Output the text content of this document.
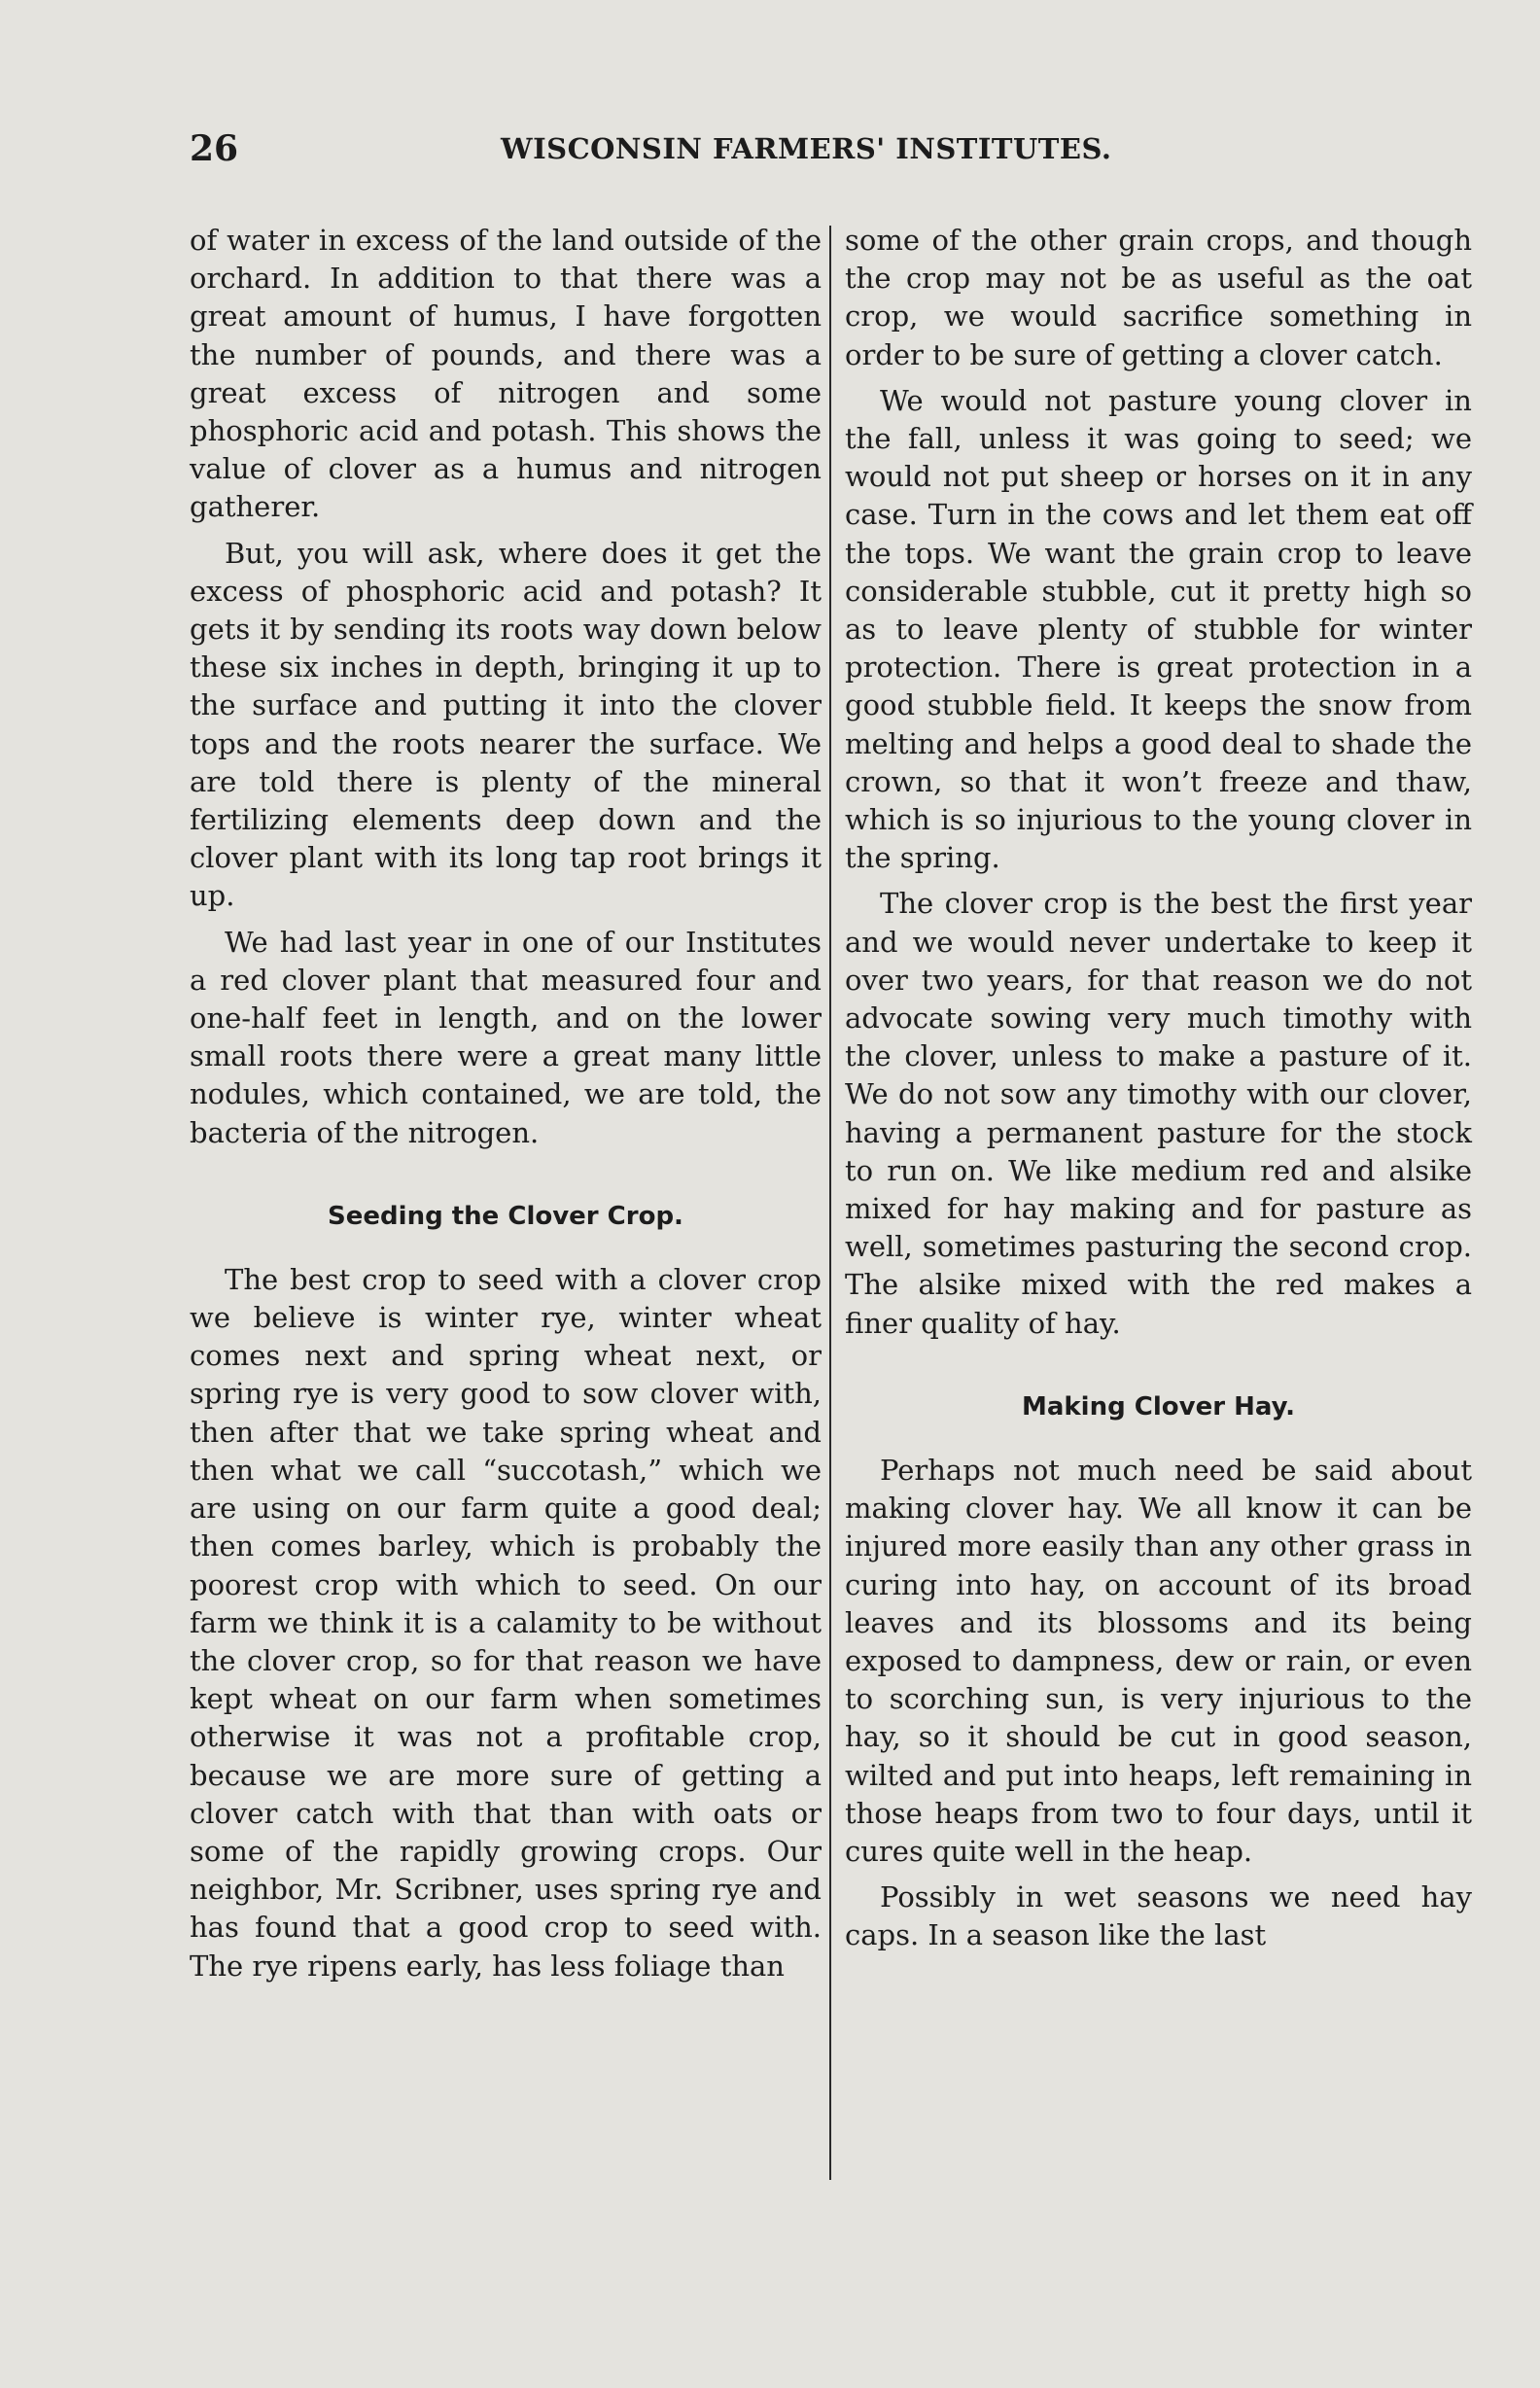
26	WISCONSIN FARMERS' INSTITUTES.

of water in excess of the land outside of the orchard. In addition to that there was a great amount of humus, I have forgotten the number of pounds, and there was a great excess of nitrogen and some phosphoric acid and potash. This shows the value of clover as a humus and nitrogen gatherer.

But, you will ask, where does it get the excess of phosphoric acid and potash? It gets it by sending its roots way down below these six inches in depth, bringing it up to the surface and putting it into the clover tops and the roots nearer the surface. We are told there is plenty of the mineral fertilizing elements deep down and the clover plant with its long tap root brings it up.

We had last year in one of our Institutes a red clover plant that measured four and one-half feet in length, and on the lower small roots there were a great many little nodules, which contained, we are told, the bacteria of the nitrogen.

Seeding the Clover Crop.

The best crop to seed with a clover crop we believe is winter rye, winter wheat comes next and spring wheat next, or spring rye is very good to sow clover with, then after that we take spring wheat and then what we call “succotash,” which we are using on our farm quite a good deal; then comes barley, which is probably the poorest crop with which to seed. On our farm we think it is a calamity to be without the clover crop, so for that reason we have kept wheat on our farm when sometimes otherwise it was not a profitable crop, because we are more sure of getting a clover catch with that than with oats or some of the rapidly growing crops. Our neighbor, Mr. Scribner, uses spring rye and has found that a good crop to seed with. The rye ripens early, has less foliage than

some of the other grain crops, and though the crop may not be as useful as the oat crop, we would sacrifice something in order to be sure of getting a clover catch.

We would not pasture young clover in the fall, unless it was going to seed; we would not put sheep or horses on it in any case. Turn in the cows and let them eat off the tops. We want the grain crop to leave considerable stubble, cut it pretty high so as to leave plenty of stubble for winter protection. There is great protection in a good stubble field. It keeps the snow from melting and helps a good deal to shade the crown, so that it won’t freeze and thaw, which is so injurious to the young clover in the spring.

The clover crop is the best the first year and we would never undertake to keep it over two years, for that reason we do not advocate sowing very much timothy with the clover, unless to make a pasture of it. We do not sow any timothy with our clover, having a permanent pasture for the stock to run on. We like medium red and alsike mixed for hay making and for pasture as well, sometimes pasturing the second crop. The alsike mixed with the red makes a finer quality of hay.

Making Clover Hay.

Perhaps not much need be said about making clover hay. We all know it can be injured more easily than any other grass in curing into hay, on account of its broad leaves and its blossoms and its being exposed to dampness, dew or rain, or even to scorching sun, is very injurious to the hay, so it should be cut in good season, wilted and put into heaps, left remaining in those heaps from two to four days, until it cures quite well in the heap.

Possibly in wet seasons we need hay caps. In a season like the last
